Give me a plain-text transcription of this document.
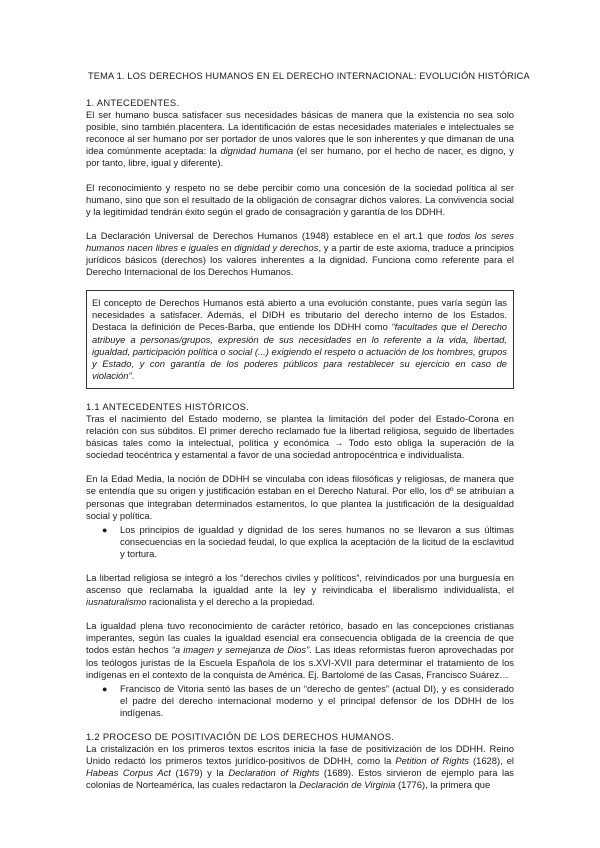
TEMA 1. LOS DERECHOS HUMANOS EN EL DERECHO INTERNACIONAL: EVOLUCIÓN HISTÓRICA

1. ANTECEDENTES.

El ser humano busca satisfacer sus necesidades básicas de manera que la existencia no sea solo posible, sino también placentera. La identificación de estas necesidades materiales e intelectuales se reconoce al ser humano por ser portador de unos valores que le son inherentes y que dimanan de una idea comúnmente aceptada: la dignidad humana (el ser humano, por el hecho de nacer, es digno, y por tanto, libre, igual y diferente).

El reconocimiento y respeto no se debe percibir como una concesión de la sociedad política al ser humano, sino que son el resultado de la obligación de consagrar dichos valores. La convivencia social y la legitimidad tendrán éxito según el grado de consagración y garantía de los DDHH.

La Declaración Universal de Derechos Humanos (1948) establece en el art.1 que todos los seres humanos nacen libres e iguales en dignidad y derechos, y a partir de este axioma, traduce a principios jurídicos básicos (derechos) los valores inherentes a la dignidad. Funciona como referente para el Derecho Internacional de los Derechos Humanos.

El concepto de Derechos Humanos está abierto a una evolución constante, pues varía según las necesidades a satisfacer. Además, el DIDH es tributario del derecho interno de los Estados. Destaca la definición de Peces-Barba, que entiende los DDHH como “facultades que el Derecho atribuye a personas/grupos, expresión de sus necesidades en lo referente a la vida, libertad, igualdad, participación política o social (...) exigiendo el respeto o actuación de los hombres, grupos y Estado, y con garantía de los poderes públicos para restablecer su ejercicio en caso de violación”.

1.1 ANTECEDENTES HISTÓRICOS.

Tras el nacimiento del Estado moderno, se plantea la limitación del poder del Estado-Corona en relación con sus súbditos. El primer derecho reclamado fue la libertad religiosa, seguido de libertades básicas tales como la intelectual, política y económica → Todo esto obliga la superación de la sociedad teocéntrica y estamental a favor de una sociedad antropocéntrica e individualista.

En la Edad Media, la noción de DDHH se vinculaba con ideas filosóficas y religiosas, de manera que se entendía que su origen y justificación estaban en el Derecho Natural. Por ello, los dº se atribuían a personas que integraban determinados estamentos, lo que plantea la justificación de la desigualdad social y política.

● Los principios de igualdad y dignidad de los seres humanos no se llevaron a sus últimas consecuencias en la sociedad feudal, lo que explica la aceptación de la licitud de la esclavitud y tortura.

La libertad religiosa se integró a los “derechos civiles y políticos”, reivindicados por una burguesía en ascenso que reclamaba la igualdad ante la ley y reivindicaba el liberalismo individualista, el iusnaturalismo racionalista y el derecho a la propiedad.

La igualdad plena tuvo reconocimiento de carácter retórico, basado en las concepciones cristianas imperantes, según las cuales la igualdad esencial era consecuencia obligada de la creencia de que todos están hechos “a imagen y semejanza de Dios”. Las ideas reformistas fueron aprovechadas por los teólogos juristas de la Escuela Española de los s.XVI-XVII para determinar el tratamiento de los indígenas en el contexto de la conquista de América. Ej. Bartolomé de las Casas, Francisco Suárez…

● Francisco de Vitoria sentó las bases de un “derecho de gentes” (actual DI), y es considerado el padre del derecho internacional moderno y el principal defensor de los DDHH de los indígenas.

1.2 PROCESO DE POSITIVACIÓN DE LOS DERECHOS HUMANOS.

La cristalización en los primeros textos escritos inicia la fase de positivización de los DDHH. Reino Unido redactó los primeros textos jurídico-positivos de DDHH, como la Petition of Rights (1628), el Habeas Corpus Act (1679) y la Declaration of Rights (1689). Estos sirvieron de ejemplo para las colonias de Norteamérica, las cuales redactaron la Declaración de Virginia (1776), la primera que
